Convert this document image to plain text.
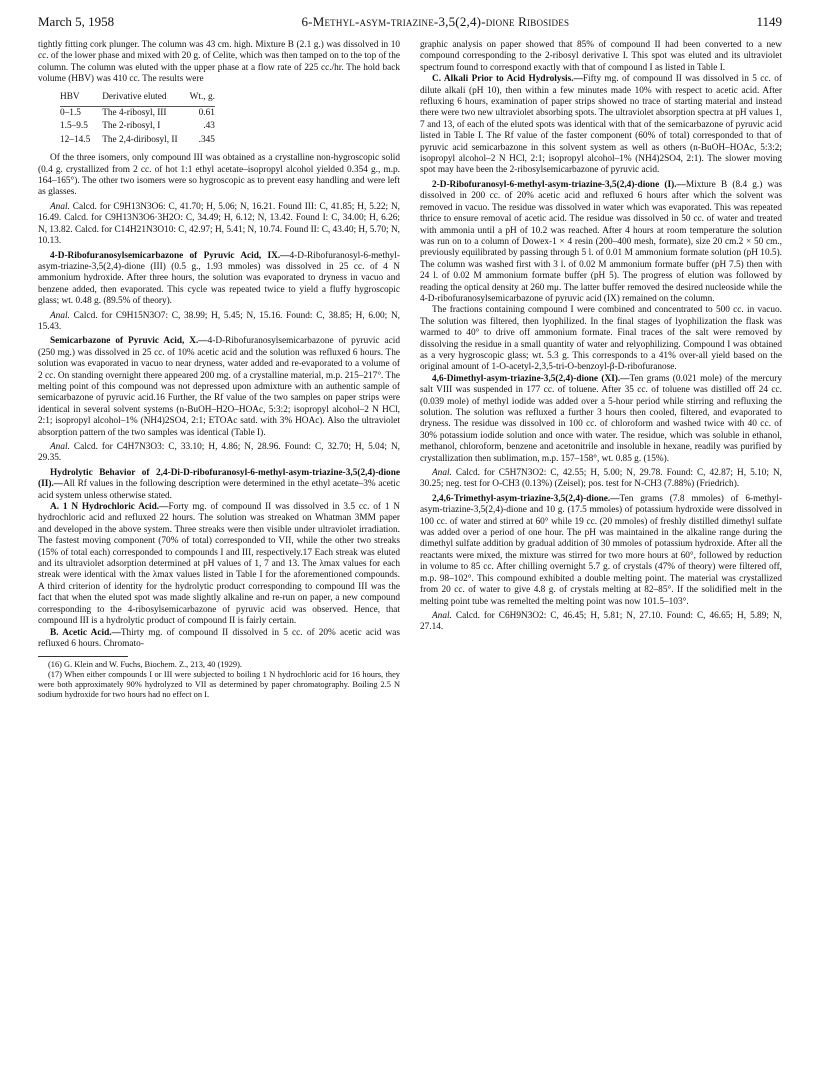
March 5, 1958	6-Methyl-asym-triazine-3,5(2,4)-dione Ribosides	1149

tightly fitting cork plunger. The column was 43 cm. high. Mixture B (2.1 g.) was dissolved in 10 cc. of the lower phase and mixed with 20 g. of Celite, which was then tamped on to the top of the column. The column was eluted with the upper phase at a flow rate of 225 cc./hr. The hold back volume (HBV) was 410 cc. The results were

HBV	Derivative eluted	Wt., g.
0–1.5	The 4-ribosyl, III	0.61
1.5–9.5	The 2-ribosyl, I	.43
12–14.5	The 2,4-diribosyl, II	.345

Of the three isomers, only compound III was obtained as a crystalline non-hygroscopic solid (0.4 g. crystallized from 2 cc. of hot 1:1 ethyl acetate–isopropyl alcohol yielded 0.354 g., m.p. 164–165°). The other two isomers were so hygroscopic as to prevent easy handling and were left as glasses.

Anal. Calcd. for C9H13N3O6: C, 41.70; H, 5.06; N, 16.21. Found III: C, 41.85; H, 5.22; N, 16.49. Calcd. for C9H13N3O6·3H2O: C, 34.49; H, 6.12; N, 13.42. Found I: C, 34.00; H, 6.26; N, 13.82. Calcd. for C14H21N3O10: C, 42.97; H, 5.41; N, 10.74. Found II: C, 43.40; H, 5.70; N, 10.13.

4-D-Ribofuranosylsemicarbazone of Pyruvic Acid, IX.—4-D-Ribofuranosyl-6-methyl-asym-triazine-3,5(2,4)-dione (III) (0.5 g., 1.93 mmoles) was dissolved in 25 cc. of 4 N ammonium hydroxide. After three hours, the solution was evaporated to dryness in vacuo and benzene added, then evaporated. This cycle was repeated twice to yield a fluffy hygroscopic glass; wt. 0.48 g. (89.5% of theory).

Anal. Calcd. for C9H15N3O7: C, 38.99; H, 5.45; N, 15.16. Found: C, 38.85; H, 6.00; N, 15.43.

Semicarbazone of Pyruvic Acid, X.—4-D-Ribofuranosylsemicarbazone of pyruvic acid (250 mg.) was dissolved in 25 cc. of 10% acetic acid and the solution was refluxed 6 hours. The solution was evaporated in vacuo to near dryness, water added and re-evaporated to a volume of 2 cc. On standing overnight there appeared 200 mg. of a crystalline material, m.p. 215–217°. The melting point of this compound was not depressed upon admixture with an authentic sample of semicarbazone of pyruvic acid.16 Further, the Rf value of the two samples on paper strips were identical in several solvent systems (n-BuOH–H2O–HOAc, 5:3:2; isopropyl alcohol–2 N HCl, 2:1; isopropyl alcohol–1% (NH4)2SO4, 2:1; ETOAc satd. with 3% HOAc). Also the ultraviolet absorption pattern of the two samples was identical (Table I).

Anal. Calcd. for C4H7N3O3: C, 33.10; H, 4.86; N, 28.96. Found: C, 32.70; H, 5.04; N, 29.35.

Hydrolytic Behavior of 2,4-Di-D-ribofuranosyl-6-methyl-asym-triazine-3,5(2,4)-dione (II).—All Rf values in the following description were determined in the ethyl acetate–3% acetic acid system unless otherwise stated.

A. 1 N Hydrochloric Acid.—Forty mg. of compound II was dissolved in 3.5 cc. of 1 N hydrochloric acid and refluxed 22 hours. The solution was streaked on Whatman 3MM paper and developed in the above system. Three streaks were then visible under ultraviolet irradiation. The fastest moving component (70% of total) corresponded to VII, while the other two streaks (15% of total each) corresponded to compounds I and III, respectively.17 Each streak was eluted and its ultraviolet adsorption determined at pH values of 1, 7 and 13. The λmax values for each streak were identical with the λmax values listed in Table I for the aforementioned compounds. A third criterion of identity for the hydrolytic product corresponding to compound III was the fact that when the eluted spot was made slightly alkaline and re-run on paper, a new compound corresponding to the 4-ribosylsemicarbazone of pyruvic acid was observed. Hence, that compound III is a hydrolytic product of compound II is fairly certain.

B. Acetic Acid.—Thirty mg. of compound II dissolved in 5 cc. of 20% acetic acid was refluxed 6 hours. Chromato-

(16) G. Klein and W. Fuchs, Biochem. Z., 213, 40 (1929).

(17) When either compounds I or III were subjected to boiling 1 N hydrochloric acid for 16 hours, they were both approximately 90% hydrolyzed to VII as determined by paper chromatography. Boiling 2.5 N sodium hydroxide for two hours had no effect on I.

graphic analysis on paper showed that 85% of compound II had been converted to a new compound corresponding to the 2-ribosyl derivative I. This spot was eluted and its ultraviolet spectrum found to correspond exactly with that of compound I as listed in Table I.

C. Alkali Prior to Acid Hydrolysis.—Fifty mg. of compound II was dissolved in 5 cc. of dilute alkali (pH 10), then within a few minutes made 10% with respect to acetic acid. After refluxing 6 hours, examination of paper strips showed no trace of starting material and instead there were two new ultraviolet absorbing spots. The ultraviolet absorption spectra at pH values 1, 7 and 13, of each of the eluted spots was identical with that of the semicarbazone of pyruvic acid listed in Table I. The Rf value of the faster component (60% of total) corresponded to that of pyruvic acid semicarbazone in this solvent system as well as others (n-BuOH–HOAc, 5:3:2; isopropyl alcohol–2 N HCl, 2:1; isopropyl alcohol–1% (NH4)2SO4, 2:1). The slower moving spot may have been the 2-ribosylsemicarbazone of pyruvic acid.

2-D-Ribofuranosyl-6-methyl-asym-triazine-3,5(2,4)-dione (I).—Mixture B (8.4 g.) was dissolved in 200 cc. of 20% acetic acid and refluxed 6 hours after which the solvent was removed in vacuo. The residue was dissolved in water which was evaporated. This was repeated thrice to ensure removal of acetic acid. The residue was dissolved in 50 cc. of water and treated with ammonia until a pH of 10.2 was reached. After 4 hours at room temperature the solution was run on to a column of Dowex-1 × 4 resin (200–400 mesh, formate), size 20 cm.2 × 50 cm., previously equilibrated by passing through 5 l. of 0.01 M ammonium formate solution (pH 10.5). The column was washed first with 3 l. of 0.02 M ammonium formate buffer (pH 7.5) then with 24 l. of 0.02 M ammonium formate buffer (pH 5). The progress of elution was followed by reading the optical density at 260 mμ. The latter buffer removed the desired nucleoside while the 4-D-ribofuranosylsemicarbazone of pyruvic acid (IX) remained on the column.

The fractions containing compound I were combined and concentrated to 500 cc. in vacuo. The solution was filtered, then lyophilized. In the final stages of lyophilization the flask was warmed to 40° to drive off ammonium formate. Final traces of the salt were removed by dissolving the residue in a small quantity of water and relyophilizing. Compound I was obtained as a very hygroscopic glass; wt. 5.3 g. This corresponds to a 41% over-all yield based on the original amount of 1-O-acetyl-2,3,5-tri-O-benzoyl-β-D-ribofuranose.

4,6-Dimethyl-asym-triazine-3,5(2,4)-dione (XI).—Ten grams (0.021 mole) of the mercury salt VIII was suspended in 177 cc. of toluene. After 35 cc. of toluene was distilled off 24 cc. (0.039 mole) of methyl iodide was added over a 5-hour period while stirring and refluxing the solution. The solution was refluxed a further 3 hours then cooled, filtered, and evaporated to dryness. The residue was dissolved in 100 cc. of chloroform and washed twice with 40 cc. of 30% potassium iodide solution and once with water. The residue, which was soluble in ethanol, methanol, chloroform, benzene and acetonitrile and insoluble in hexane, readily was purified by crystallization then sublimation, m.p. 157–158°, wt. 0.85 g. (15%).

Anal. Calcd. for C5H7N3O2: C, 42.55; H, 5.00; N, 29.78. Found: C, 42.87; H, 5.10; N, 30.25; neg. test for O-CH3 (0.13%) (Zeisel); pos. test for N-CH3 (7.88%) (Friedrich).

2,4,6-Trimethyl-asym-triazine-3,5(2,4)-dione.—Ten grams (7.8 mmoles) of 6-methyl-asym-triazine-3,5(2,4)-dione and 10 g. (17.5 mmoles) of potassium hydroxide were dissolved in 100 cc. of water and stirred at 60° while 19 cc. (20 mmoles) of freshly distilled dimethyl sulfate was added over a period of one hour. The pH was maintained in the alkaline range during the dimethyl sulfate addition by gradual addition of 30 mmoles of potassium hydroxide. After all the reactants were mixed, the mixture was stirred for two more hours at 60°, followed by reduction in volume to 85 cc. After chilling overnight 5.7 g. of crystals (47% of theory) were filtered off, m.p. 98–102°. This compound exhibited a double melting point. The material was crystallized from 20 cc. of water to give 4.8 g. of crystals melting at 82–85°. If the solidified melt in the melting point tube was remelted the melting point was now 101.5–103°.

Anal. Calcd. for C6H9N3O2: C, 46.45; H, 5.81; N, 27.10. Found: C, 46.65; H, 5.89; N, 27.14.
